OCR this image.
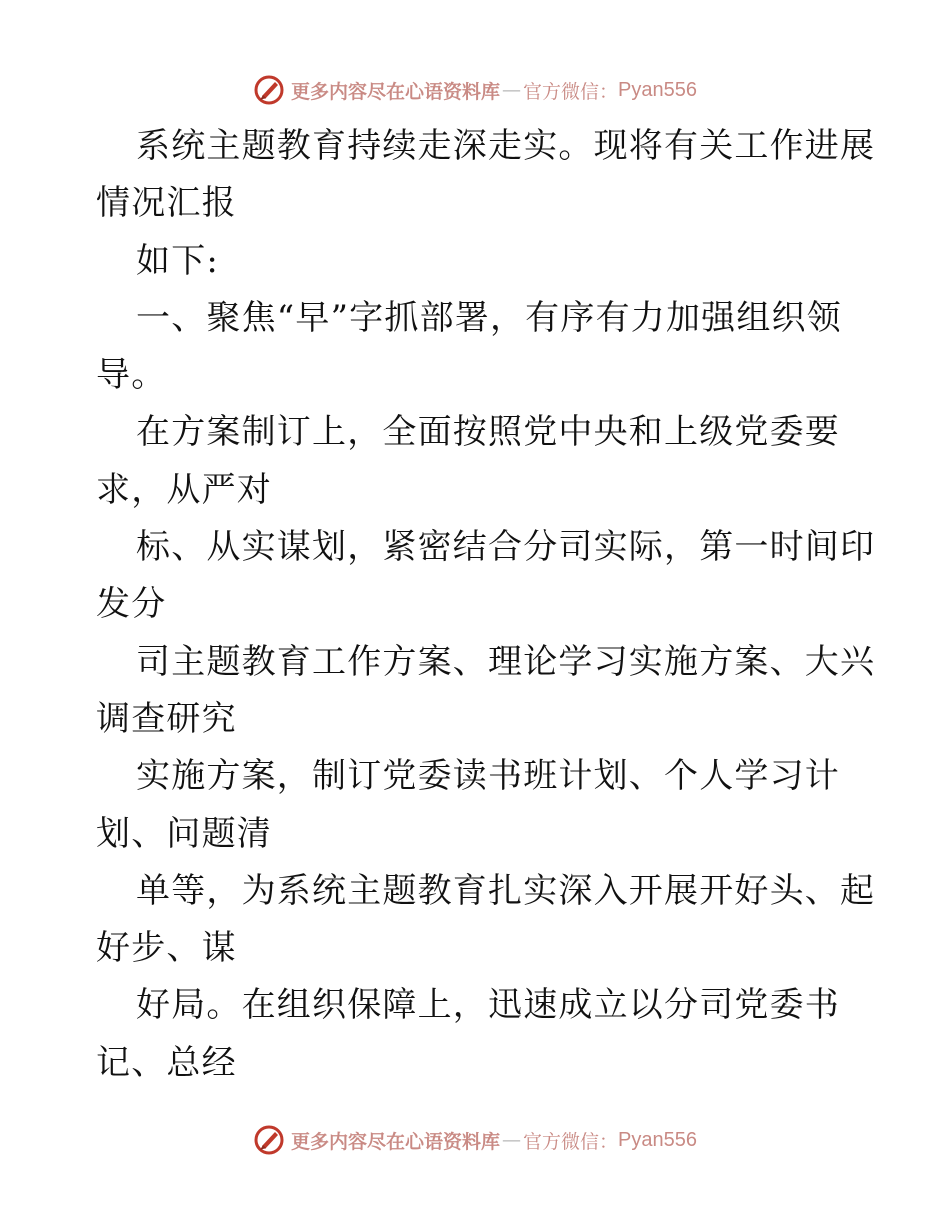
更多内容尽在心语资料库 — 官方微信： Pyan556
系统主题教育持续走深走实。现将有关工作进展
情况汇报
如下:
一、聚焦“早”字抓部署，有序有力加强组织领
导。
在方案制订上，全面按照党中央和上级党委要
求，从严对
标、从实谋划，紧密结合分司实际，第一时间印
发分
司主题教育工作方案、理论学习实施方案、大兴
调查研究
实施方案，制订党委读书班计划、个人学习计
划、问题清
单等，为系统主题教育扎实深入开展开好头、起
好步、谋
好局。在组织保障上，迅速成立以分司党委书
记、总经
更多内容尽在心语资料库 — 官方微信： Pyan556
